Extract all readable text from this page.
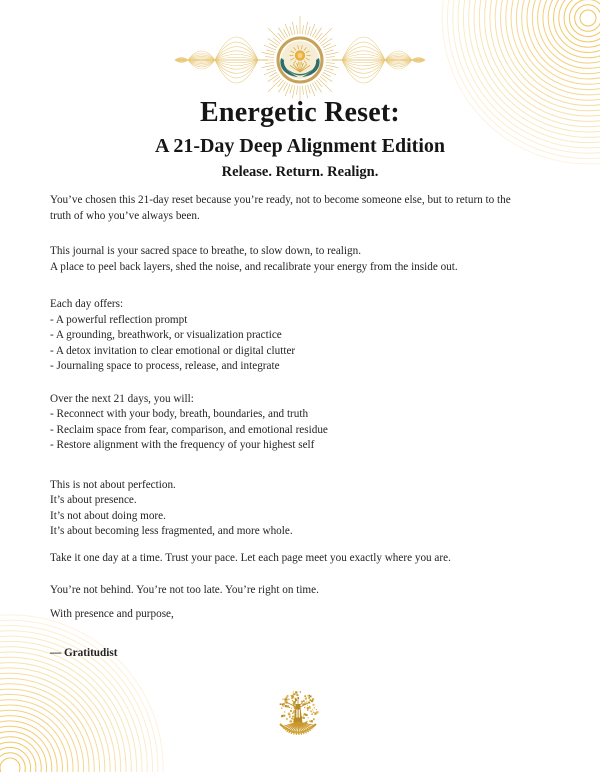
Energetic Reset:
A 21-Day Deep Alignment Edition
Release. Return. Realign.
You’ve chosen this 21-day reset because you’re ready, not to become someone else, but to return to the
truth of who you’ve always been.
This journal is your sacred space to breathe, to slow down, to realign.
A place to peel back layers, shed the noise, and recalibrate your energy from the inside out.
Each day offers:
- A powerful reflection prompt
- A grounding, breathwork, or visualization practice
- A detox invitation to clear emotional or digital clutter
- Journaling space to process, release, and integrate
Over the next 21 days, you will:
- Reconnect with your body, breath, boundaries, and truth
- Reclaim space from fear, comparison, and emotional residue
- Restore alignment with the frequency of your highest self
This is not about perfection.
It’s about presence.
It’s not about doing more.
It’s about becoming less fragmented, and more whole.
Take it one day at a time. Trust your pace. Let each page meet you exactly where you are.
You’re not behind. You’re not too late. You’re right on time.
With presence and purpose,
— Gratitudist
